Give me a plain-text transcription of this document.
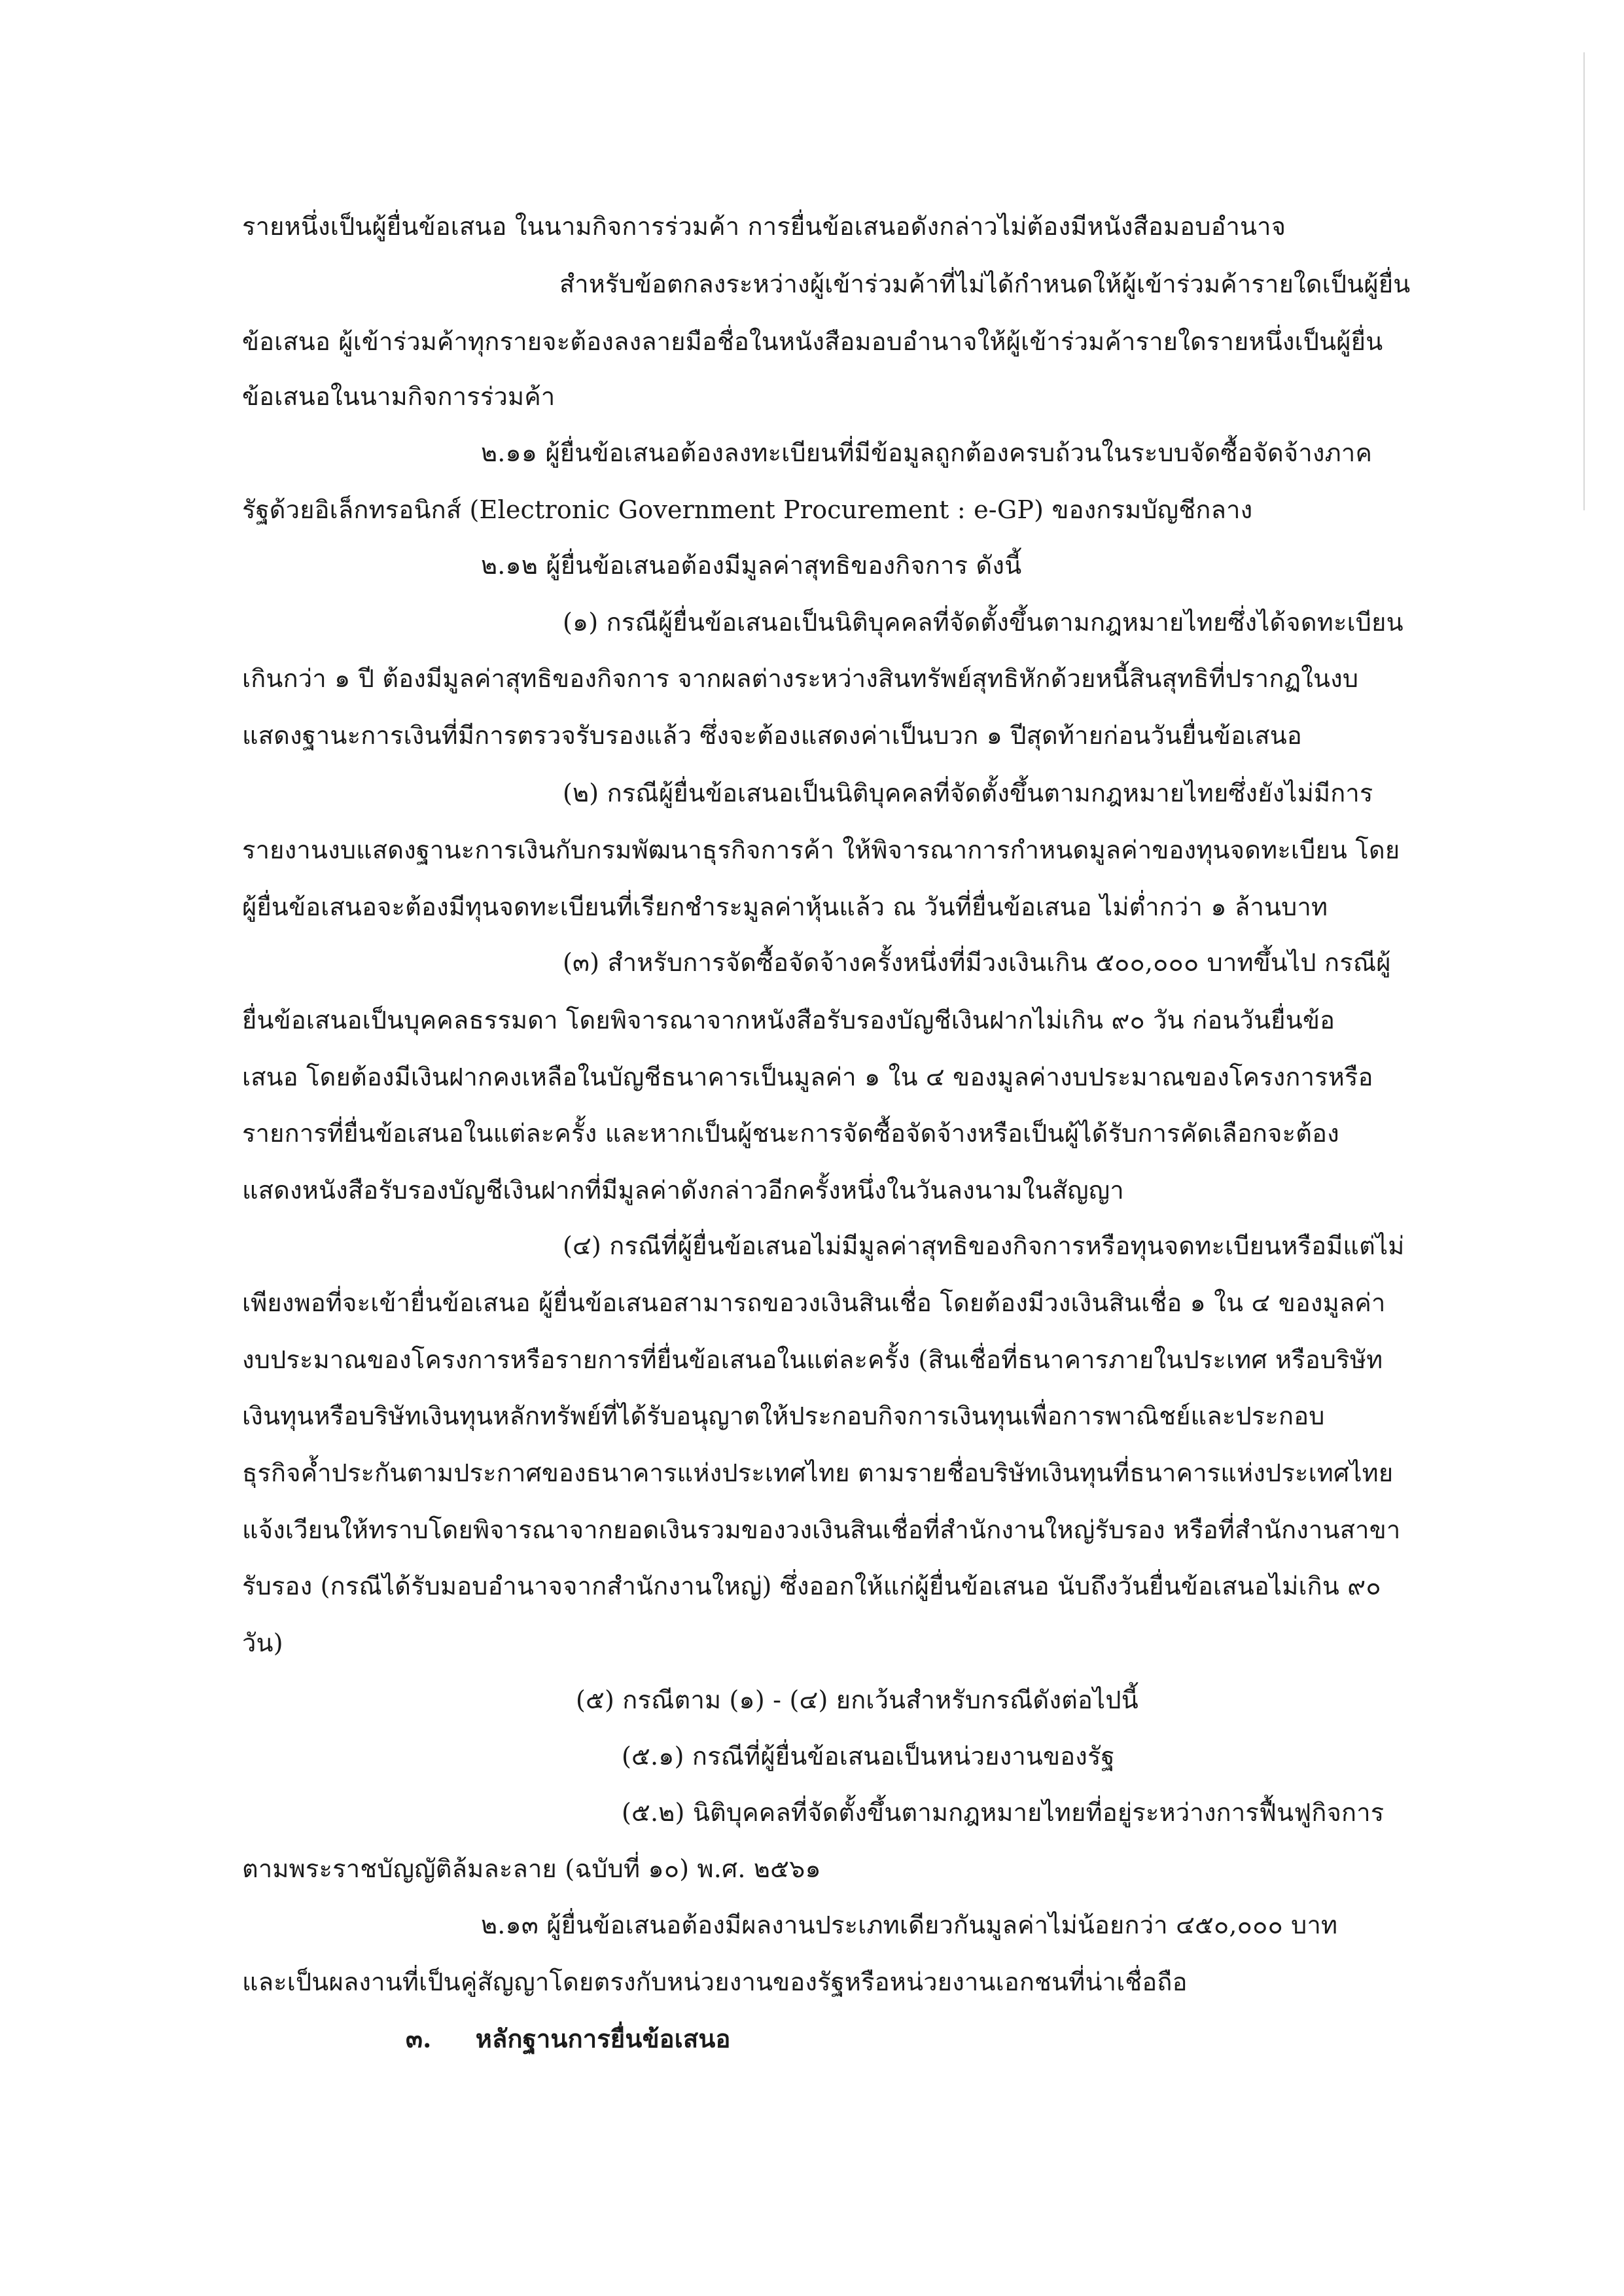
รายหนึ่งเป็นผู้ยื่นข้อเสนอ ในนามกิจการร่วมค้า การยื่นข้อเสนอดังกล่าวไม่ต้องมีหนังสือมอบอำนาจ
สำหรับข้อตกลงระหว่างผู้เข้าร่วมค้าที่ไม่ได้กำหนดให้ผู้เข้าร่วมค้ารายใดเป็นผู้ยื่น
ข้อเสนอ ผู้เข้าร่วมค้าทุกรายจะต้องลงลายมือชื่อในหนังสือมอบอำนาจให้ผู้เข้าร่วมค้ารายใดรายหนึ่งเป็นผู้ยื่น
ข้อเสนอในนามกิจการร่วมค้า
๒.๑๑ ผู้ยื่นข้อเสนอต้องลงทะเบียนที่มีข้อมูลถูกต้องครบถ้วนในระบบจัดซื้อจัดจ้างภาค
รัฐด้วยอิเล็กทรอนิกส์ (Electronic Government Procurement : e-GP) ของกรมบัญชีกลาง
๒.๑๒ ผู้ยื่นข้อเสนอต้องมีมูลค่าสุทธิของกิจการ ดังนี้
(๑) กรณีผู้ยื่นข้อเสนอเป็นนิติบุคคลที่จัดตั้งขึ้นตามกฎหมายไทยซึ่งได้จดทะเบียน
เกินกว่า ๑ ปี ต้องมีมูลค่าสุทธิของกิจการ จากผลต่างระหว่างสินทรัพย์สุทธิหักด้วยหนี้สินสุทธิที่ปรากฏในงบ
แสดงฐานะการเงินที่มีการตรวจรับรองแล้ว ซึ่งจะต้องแสดงค่าเป็นบวก ๑ ปีสุดท้ายก่อนวันยื่นข้อเสนอ
(๒) กรณีผู้ยื่นข้อเสนอเป็นนิติบุคคลที่จัดตั้งขึ้นตามกฎหมายไทยซึ่งยังไม่มีการ
รายงานงบแสดงฐานะการเงินกับกรมพัฒนาธุรกิจการค้า ให้พิจารณาการกำหนดมูลค่าของทุนจดทะเบียน โดย
ผู้ยื่นข้อเสนอจะต้องมีทุนจดทะเบียนที่เรียกชำระมูลค่าหุ้นแล้ว ณ วันที่ยื่นข้อเสนอ ไม่ต่ำกว่า ๑ ล้านบาท
(๓) สำหรับการจัดซื้อจัดจ้างครั้งหนึ่งที่มีวงเงินเกิน ๕๐๐,๐๐๐ บาทขึ้นไป กรณีผู้
ยื่นข้อเสนอเป็นบุคคลธรรมดา โดยพิจารณาจากหนังสือรับรองบัญชีเงินฝากไม่เกิน ๙๐ วัน ก่อนวันยื่นข้อ
เสนอ โดยต้องมีเงินฝากคงเหลือในบัญชีธนาคารเป็นมูลค่า ๑ ใน ๔ ของมูลค่างบประมาณของโครงการหรือ
รายการที่ยื่นข้อเสนอในแต่ละครั้ง และหากเป็นผู้ชนะการจัดซื้อจัดจ้างหรือเป็นผู้ได้รับการคัดเลือกจะต้อง
แสดงหนังสือรับรองบัญชีเงินฝากที่มีมูลค่าดังกล่าวอีกครั้งหนึ่งในวันลงนามในสัญญา
(๔) กรณีที่ผู้ยื่นข้อเสนอไม่มีมูลค่าสุทธิของกิจการหรือทุนจดทะเบียนหรือมีแต่ไม่
เพียงพอที่จะเข้ายื่นข้อเสนอ ผู้ยื่นข้อเสนอสามารถขอวงเงินสินเชื่อ โดยต้องมีวงเงินสินเชื่อ ๑ ใน ๔ ของมูลค่า
งบประมาณของโครงการหรือรายการที่ยื่นข้อเสนอในแต่ละครั้ง (สินเชื่อที่ธนาคารภายในประเทศ หรือบริษัท
เงินทุนหรือบริษัทเงินทุนหลักทรัพย์ที่ได้รับอนุญาตให้ประกอบกิจการเงินทุนเพื่อการพาณิชย์และประกอบ
ธุรกิจค้ำประกันตามประกาศของธนาคารแห่งประเทศไทย ตามรายชื่อบริษัทเงินทุนที่ธนาคารแห่งประเทศไทย
แจ้งเวียนให้ทราบโดยพิจารณาจากยอดเงินรวมของวงเงินสินเชื่อที่สำนักงานใหญ่รับรอง หรือที่สำนักงานสาขา
รับรอง (กรณีได้รับมอบอำนาจจากสำนักงานใหญ่) ซึ่งออกให้แก่ผู้ยื่นข้อเสนอ นับถึงวันยื่นข้อเสนอไม่เกิน ๙๐
วัน)
(๕) กรณีตาม (๑) - (๔) ยกเว้นสำหรับกรณีดังต่อไปนี้
(๕.๑) กรณีที่ผู้ยื่นข้อเสนอเป็นหน่วยงานของรัฐ
(๕.๒) นิติบุคคลที่จัดตั้งขึ้นตามกฎหมายไทยที่อยู่ระหว่างการฟื้นฟูกิจการ
ตามพระราชบัญญัติล้มละลาย (ฉบับที่ ๑๐) พ.ศ. ๒๕๖๑
๒.๑๓ ผู้ยื่นข้อเสนอต้องมีผลงานประเภทเดียวกันมูลค่าไม่น้อยกว่า ๔๕๐,๐๐๐ บาท
และเป็นผลงานที่เป็นคู่สัญญาโดยตรงกับหน่วยงานของรัฐหรือหน่วยงานเอกชนที่น่าเชื่อถือ
๓.     หลักฐานการยื่นข้อเสนอ
